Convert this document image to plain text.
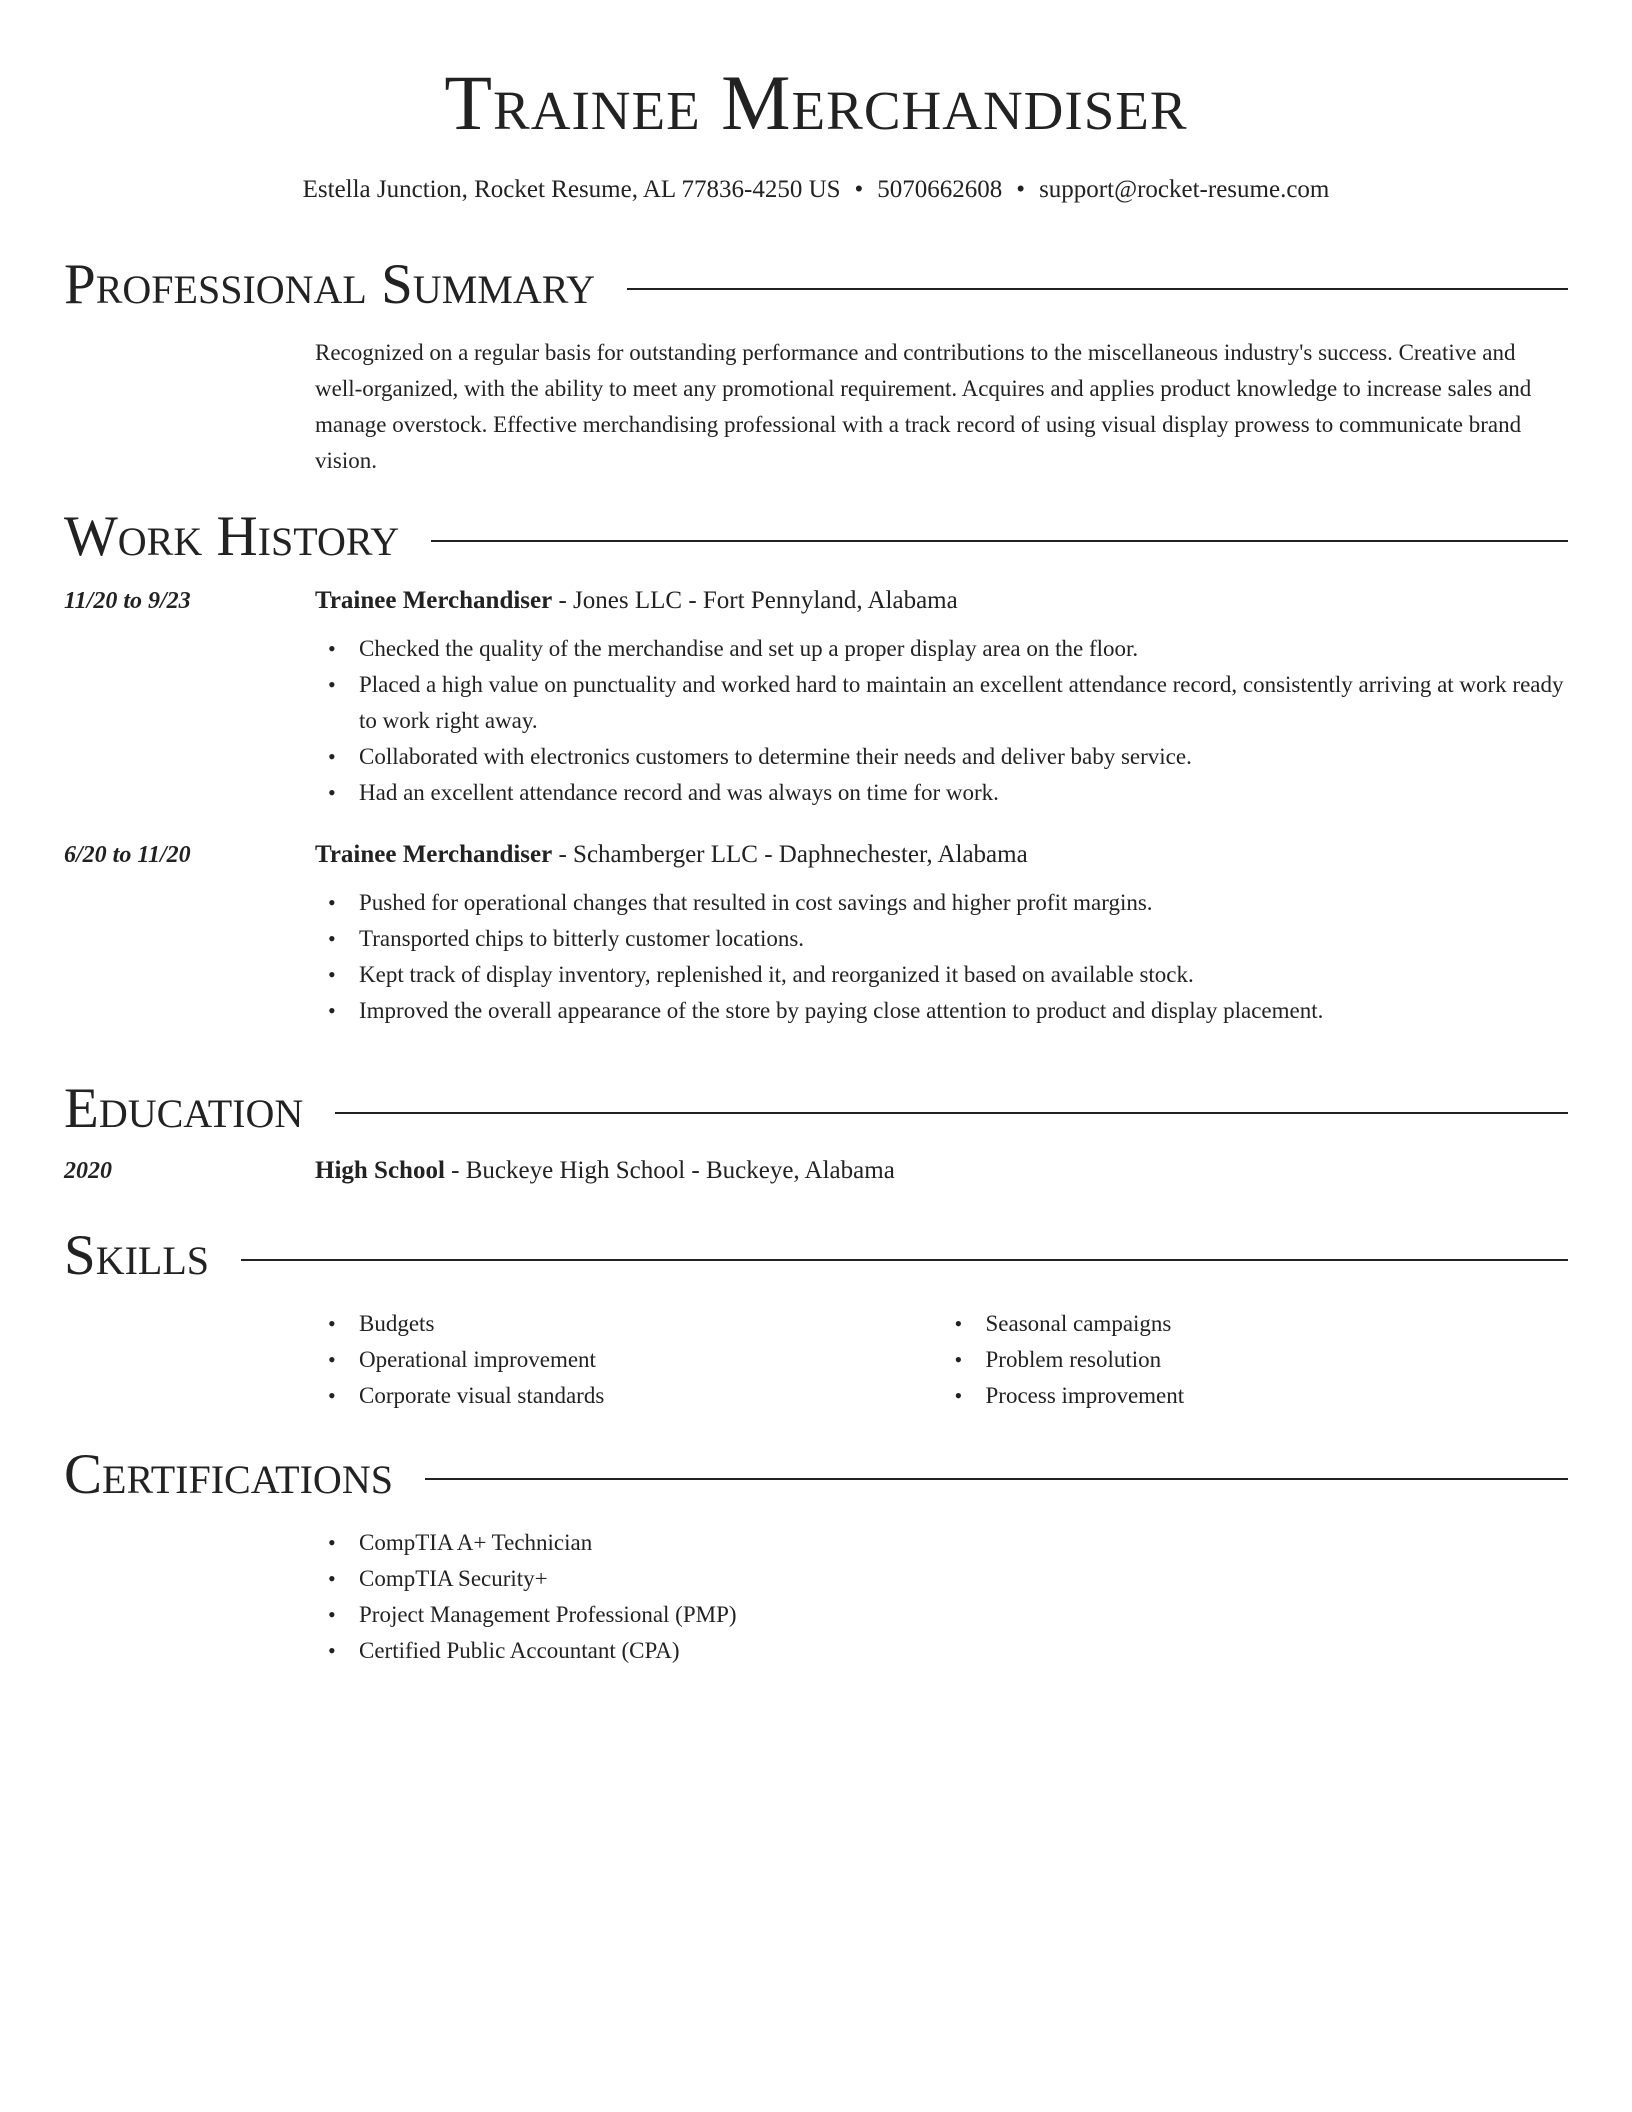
Trainee Merchandiser
Estella Junction, Rocket Resume, AL 77836-4250 US • 5070662608 • support@rocket-resume.com
Professional Summary

Recognized on a regular basis for outstanding performance and contributions to the miscellaneous industry's success. Creative and well-organized, with the ability to meet any promotional requirement. Acquires and applies product knowledge to increase sales and manage overstock. Effective merchandising professional with a track record of using visual display prowess to communicate brand vision.

Work History
11/20 to 9/23	Trainee Merchandiser - Jones LLC - Fort Pennyland, Alabama
• Checked the quality of the merchandise and set up a proper display area on the floor.
• Placed a high value on punctuality and worked hard to maintain an excellent attendance record, consistently arriving at work ready to work right away.
• Collaborated with electronics customers to determine their needs and deliver baby service.
• Had an excellent attendance record and was always on time for work.
6/20 to 11/20	Trainee Merchandiser - Schamberger LLC - Daphnechester, Alabama
• Pushed for operational changes that resulted in cost savings and higher profit margins.
• Transported chips to bitterly customer locations.
• Kept track of display inventory, replenished it, and reorganized it based on available stock.
• Improved the overall appearance of the store by paying close attention to product and display placement.
Education
2020	High School - Buckeye High School - Buckeye, Alabama
Skills
• Budgets
• Operational improvement
• Corporate visual standards
• Seasonal campaigns
• Problem resolution
• Process improvement
Certifications
• CompTIA A+ Technician
• CompTIA Security+
• Project Management Professional (PMP)
• Certified Public Accountant (CPA)
